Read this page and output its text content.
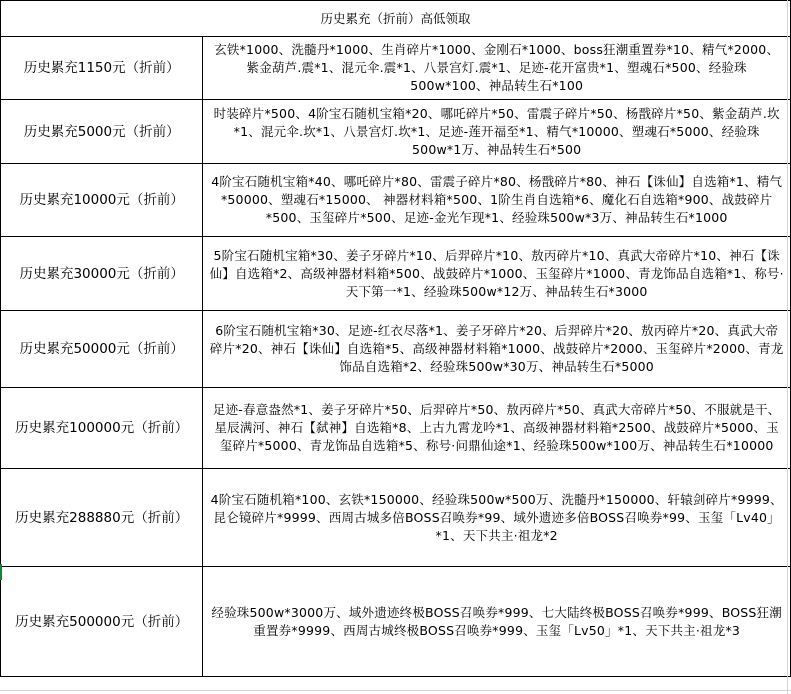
历史累充（折前）高低领取	
历史累充1150元（折前）	玄铁*1000、洗髓丹*1000、生肖碎片*1000、金刚石*1000、boss狂潮重置券*10、精气*2000、紫金葫芦.震*1、混元伞.震*1、八景宫灯.震*1、足迹-花开富贵*1、塑魂石*500、经验珠500w*100、神品转生石*100
历史累充5000元（折前）	时装碎片*500、4阶宝石随机宝箱*20、哪吒碎片*50、雷震子碎片*50、杨戬碎片*50、紫金葫芦.坎*1、混元伞.坎*1、八景宫灯.坎*1、足迹-莲开福至*1、精气*10000、塑魂石*5000、经验珠500w*1万、神品转生石*500
历史累充10000元（折前）	4阶宝石随机宝箱*40、哪吒碎片*80、雷震子碎片*80、杨戬碎片*80、神石【诛仙】自选箱*1、精气*50000、塑魂石*15000、 神器材料箱*500、1阶生肖自选箱*6、魔化石自选箱*900、战鼓碎片*500、玉玺碎片*500、足迹-金光乍现*1、经验珠500w*3万、神品转生石*1000
历史累充30000元（折前）	5阶宝石随机宝箱*30、姜子牙碎片*10、后羿碎片*10、敖丙碎片*10、真武大帝碎片*10、神石【诛仙】自选箱*2、高级神器材料箱*500、战鼓碎片*1000、玉玺碎片*1000、青龙饰品自选箱*1、称号·天下第一*1、经验珠500w*12万、神品转生石*3000
历史累充50000元（折前）	6阶宝石随机宝箱*30、足迹-红衣尽落*1、姜子牙碎片*20、后羿碎片*20、敖丙碎片*20、真武大帝碎片*20、神石【诛仙】自选箱*5、高级神器材料箱*1000、战鼓碎片*2000、玉玺碎片*2000、青龙饰品自选箱*2、经验珠500w*30万、神品转生石*5000
历史累充100000元（折前）	足迹-春意盎然*1、姜子牙碎片*50、后羿碎片*50、敖丙碎片*50、真武大帝碎片*50、不服就是干、星辰满河、神石【弑神】自选箱*8、上古九霄龙吟*1、高级神器材料箱*2500、战鼓碎片*5000、玉玺碎片*5000、青龙饰品自选箱*5、称号·问鼎仙途*1、经验珠500w*100万、神品转生石*10000
历史累充288880元（折前）	4阶宝石随机箱*100、玄铁*150000、经验珠500w*500万、洗髓丹*150000、轩辕剑碎片*9999、昆仑镜碎片*9999、西周古城多倍BOSS召唤券*99、域外遗迹多倍BOSS召唤券*99、玉玺「Lv40」*1、天下共主·祖龙*2
历史累充500000元（折前）	经验珠500w*3000万、域外遗迹终极BOSS召唤券*999、七大陆终极BOSS召唤券*999、BOSS狂潮重置券*9999、西周古城终极BOSS召唤券*999、玉玺「Lv50」*1、天下共主·祖龙*3
